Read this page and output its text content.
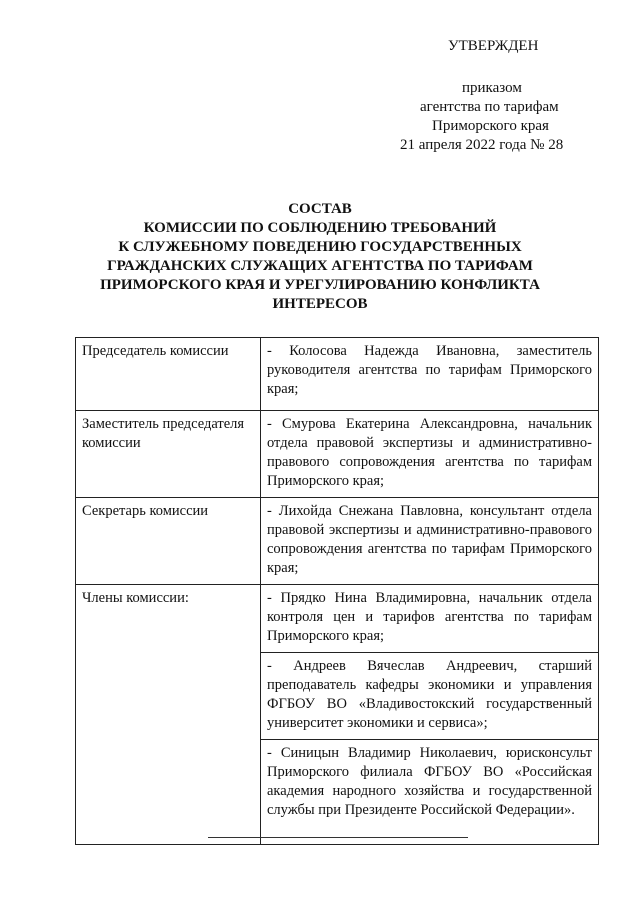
УТВЕРЖДЕН
приказом
агентства по тарифам
Приморского края
21 апреля 2022 года № 28
СОСТАВ
КОМИССИИ ПО СОБЛЮДЕНИЮ ТРЕБОВАНИЙ
К СЛУЖЕБНОМУ ПОВЕДЕНИЮ ГОСУДАРСТВЕННЫХ
ГРАЖДАНСКИХ СЛУЖАЩИХ АГЕНТСТВА ПО ТАРИФАМ
ПРИМОРСКОГО КРАЯ И УРЕГУЛИРОВАНИЮ КОНФЛИКТА
ИНТЕРЕСОВ
Председатель комиссии	- Колосова Надежда Ивановна, заместитель руководителя агентства по тарифам Приморского края;
Заместитель председателя комиссии	- Смурова Екатерина Александровна, начальник отдела правовой экспертизы и административно-правового сопровождения агентства по тарифам Приморского края;
Секретарь комиссии	- Лихойда Снежана Павловна, консультант отдела правовой экспертизы и административно-правового сопровождения агентства по тарифам Приморского края;
Члены комиссии:	- Прядко Нина Владимировна, начальник отдела контроля цен и тарифов агентства по тарифам Приморского края;
	- Андреев Вячеслав Андреевич, старший преподаватель кафедры экономики и управления ФГБОУ ВО «Владивостокский государственный университет экономики и сервиса»;
	- Синицын Владимир Николаевич, юрисконсульт Приморского филиала ФГБОУ ВО «Российская академия народного хозяйства и государственной службы при Президенте Российской Федерации».
